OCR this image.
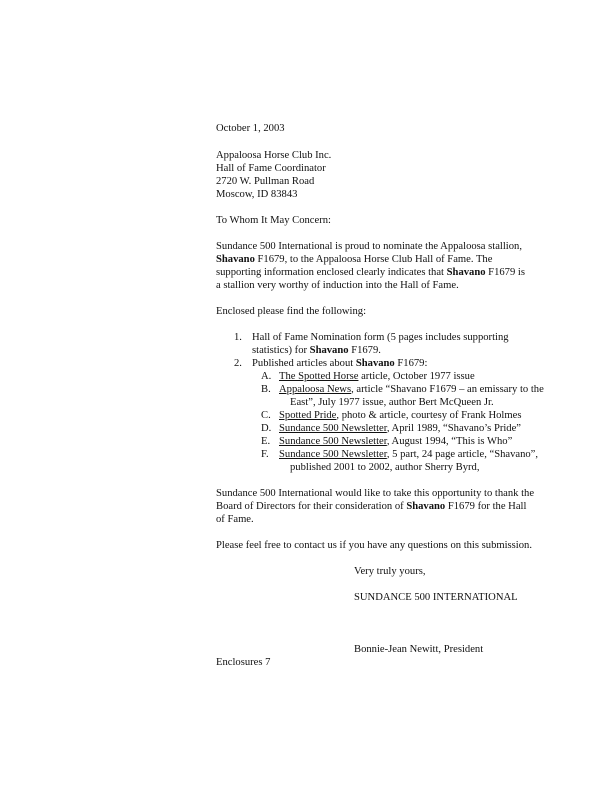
October 1, 2003
Appaloosa Horse Club Inc.
Hall of Fame Coordinator
2720 W. Pullman Road
Moscow, ID 83843
To Whom It May Concern:
Sundance 500 International is proud to nominate the Appaloosa stallion,
Shavano F1679, to the Appaloosa Horse Club Hall of Fame. The
supporting information enclosed clearly indicates that Shavano F1679 is
a stallion very worthy of induction into the Hall of Fame.
Enclosed please find the following:
1. Hall of Fame Nomination form (5 pages includes supporting
statistics) for Shavano F1679.
2. Published articles about Shavano F1679:
A. The Spotted Horse article, October 1977 issue
B. Appaloosa News, article “Shavano F1679 – an emissary to the
East”, July 1977 issue, author Bert McQueen Jr.
C. Spotted Pride, photo & article, courtesy of Frank Holmes
D. Sundance 500 Newsletter, April 1989, “Shavano’s Pride”
E. Sundance 500 Newsletter, August 1994, “This is Who”
F. Sundance 500 Newsletter, 5 part, 24 page article, “Shavano”,
published 2001 to 2002, author Sherry Byrd,
Sundance 500 International would like to take this opportunity to thank the
Board of Directors for their consideration of Shavano F1679 for the Hall
of Fame.
Please feel free to contact us if you have any questions on this submission.
Very truly yours,
SUNDANCE 500 INTERNATIONAL
Bonnie-Jean Newitt, President
Enclosures 7
